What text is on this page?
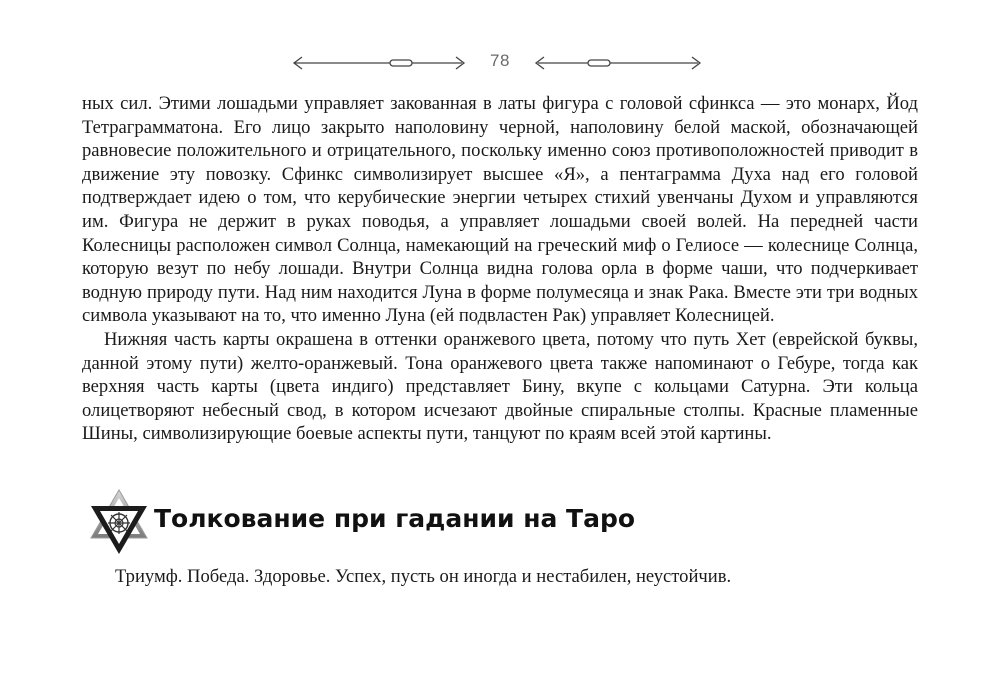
78

ных сил. Этими лошадьми управляет закованная в латы фигура с головой сфинкса — это монарх, Йод Тетраграмматона. Его лицо закрыто наполовину черной, наполовину белой маской, обозначающей равновесие положительного и отрицательного, поскольку именно союз противоположностей приводит в движение эту повозку. Сфинкс символизирует высшее «Я», а пентаграмма Духа над его головой подтверждает идею о том, что керубические энергии четырех стихий увенчаны Духом и управляются им. Фигура не держит в руках поводья, а управляет лошадьми своей волей. На передней части Колесницы расположен символ Солнца, намекающий на греческий миф о Гелиосе — колеснице Солнца, которую везут по небу лошади. Внутри Солнца видна голова орла в форме чаши, что подчеркивает водную природу пути. Над ним находится Луна в форме полумесяца и знак Рака. Вместе эти три водных символа указывают на то, что именно Луна (ей подвластен Рак) управляет Колесницей.

Нижняя часть карты окрашена в оттенки оранжевого цвета, потому что путь Хет (еврейской буквы, данной этому пути) желто-оранжевый. Тона оранжевого цвета также напоминают о Гебуре, тогда как верхняя часть карты (цвета индиго) представляет Бину, вкупе с кольцами Сатурна. Эти кольца олицетворяют небесный свод, в котором исчезают двойные спиральные столпы. Красные пламенные Шины, символизирующие боевые аспекты пути, танцуют по краям всей этой картины.

Толкование при гадании на Таро
Триумф. Победа. Здоровье. Успех, пусть он иногда и нестабилен, неустойчив.
